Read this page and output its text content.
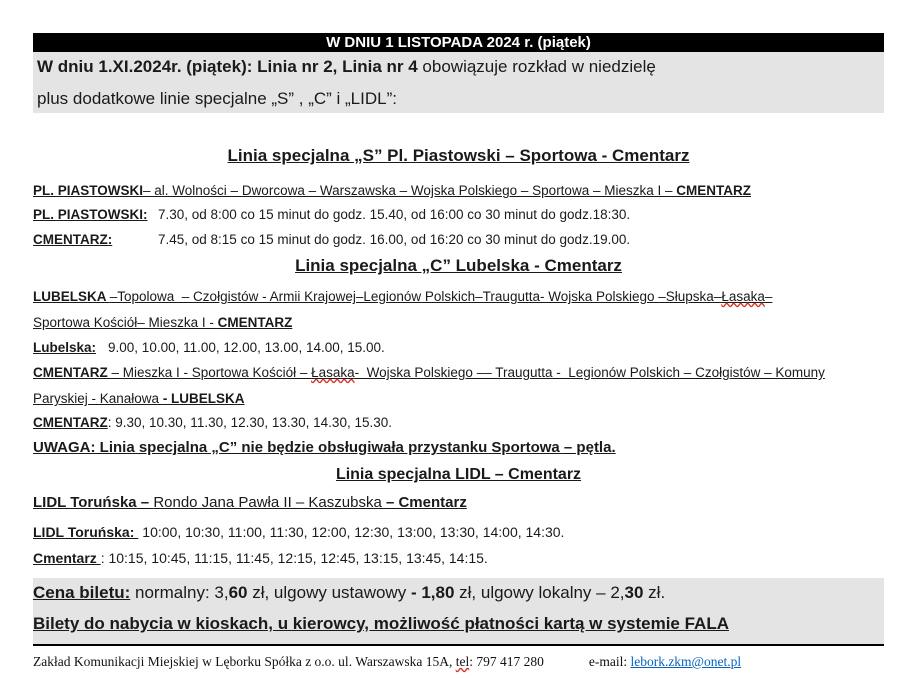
W DNIU 1 LISTOPADA 2024 r. (piątek)
W dniu 1.XI.2024r. (piątek): Linia nr 2, Linia nr 4 obowiązuje rozkład w niedzielę
plus dodatkowe linie specjalne „S” , „C” i „LIDL”:
Linia specjalna „S” Pl. Piastowski – Sportowa - Cmentarz
PL. PIASTOWSKI– al. Wolności – Dworcowa – Warszawska – Wojska Polskiego – Sportowa – Mieszka I – CMENTARZ
PL. PIASTOWSKI: 7.30, od 8:00 co 15 minut do godz. 15.40, od 16:00 co 30 minut do godz.18:30.
CMENTARZ:	7.45, od 8:15 co 15 minut do godz. 16.00, od 16:20 co 30 minut do godz.19.00.
Linia specjalna „C” Lubelska - Cmentarz
LUBELSKA –Topolowa  – Czołgistów - Armii Krajowej–Legionów Polskich–Traugutta- Wojska Polskiego –Słupska–Łasaka–
Sportowa Kościół– Mieszka I - CMENTARZ
Lubelska: 9.00, 10.00, 11.00, 12.00, 13.00, 14.00, 15.00.
CMENTARZ – Mieszka I - Sportowa Kościół – Łasaka-  Wojska Polskiego –– Traugutta -  Legionów Polskich – Czołgistów – Komuny
Paryskiej - Kanałowa - LUBELSKA
CMENTARZ: 9.30, 10.30, 11.30, 12.30, 13.30, 14.30, 15.30.
UWAGA: Linia specjalna „C” nie będzie obsługiwała przystanku Sportowa – pętla.
Linia specjalna LIDL – Cmentarz
LIDL Toruńska – Rondo Jana Pawła II – Kaszubska – Cmentarz
LIDL Toruńska: 10:00, 10:30, 11:00, 11:30, 12:00, 12:30, 13:00, 13:30, 14:00, 14:30.
Cmentarz : 10:15, 10:45, 11:15, 11:45, 12:15, 12:45, 13:15, 13:45, 14:15.
Cena biletu: normalny: 3,60 zł, ulgowy ustawowy - 1,80 zł, ulgowy lokalny – 2,30 zł.
Bilety do nabycia w kioskach, u kierowcy, możliwość płatności kartą w systemie FALA
Zakład Komunikacji Miejskiej w Lęborku Spółka z o.o. ul. Warszawska 15A, tel: 797 417 280	e-mail: lebork.zkm@onet.pl
